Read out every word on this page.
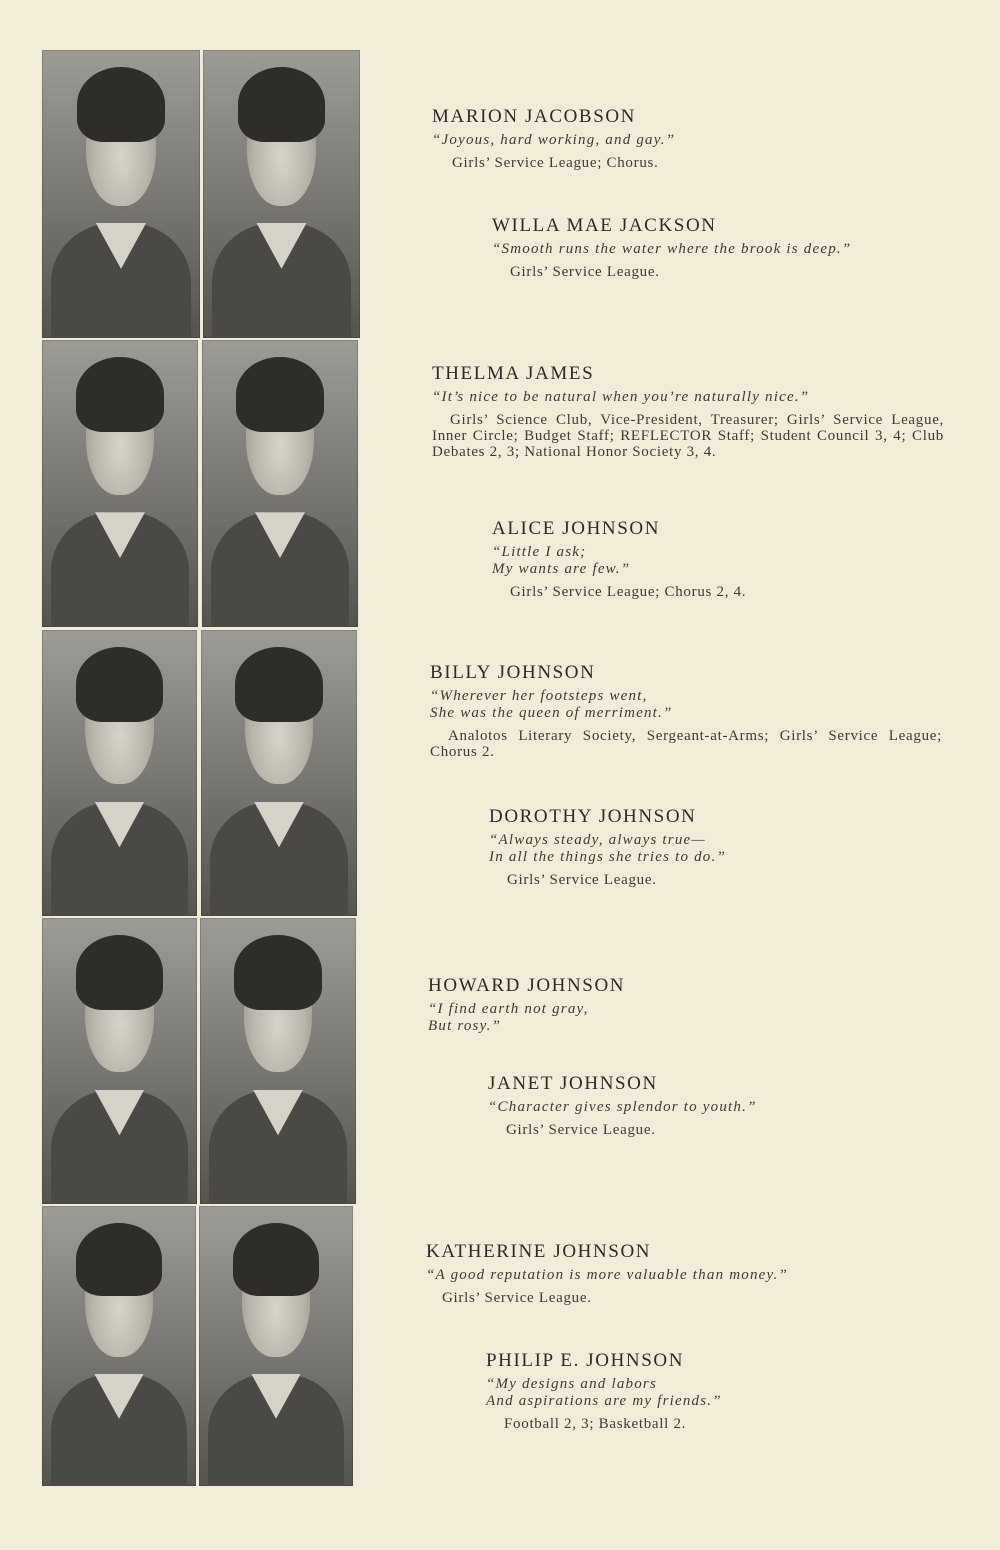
MARION JACOBSON

“Joyous, hard working, and gay.”

Girls’ Service League; Chorus.

WILLA MAE JACKSON

“Smooth runs the water where the brook is deep.”

Girls’ Service League.

THELMA JAMES

“It’s nice to be natural when you’re naturally nice.”

Girls’ Science Club, Vice-President, Treasurer; Girls’ Service League, Inner Circle; Budget Staff; REFLECTOR Staff; Student Council 3, 4; Club Debates 2, 3; National Honor Society 3, 4.

ALICE JOHNSON

“Little I ask;
My wants are few.”

Girls’ Service League; Chorus 2, 4.

BILLY JOHNSON

“Wherever her footsteps went,
She was the queen of merriment.”

Analotos Literary Society, Sergeant-at-Arms; Girls’ Service League; Chorus 2.

DOROTHY JOHNSON

“Always steady, always true—
In all the things she tries to do.”

Girls’ Service League.

HOWARD JOHNSON

“I find earth not gray,
But rosy.”

JANET JOHNSON

“Character gives splendor to youth.”

Girls’ Service League.

KATHERINE JOHNSON

“A good reputation is more valuable than money.”

Girls’ Service League.

PHILIP E. JOHNSON

“My designs and labors
And aspirations are my friends.”

Football 2, 3; Basketball 2.
